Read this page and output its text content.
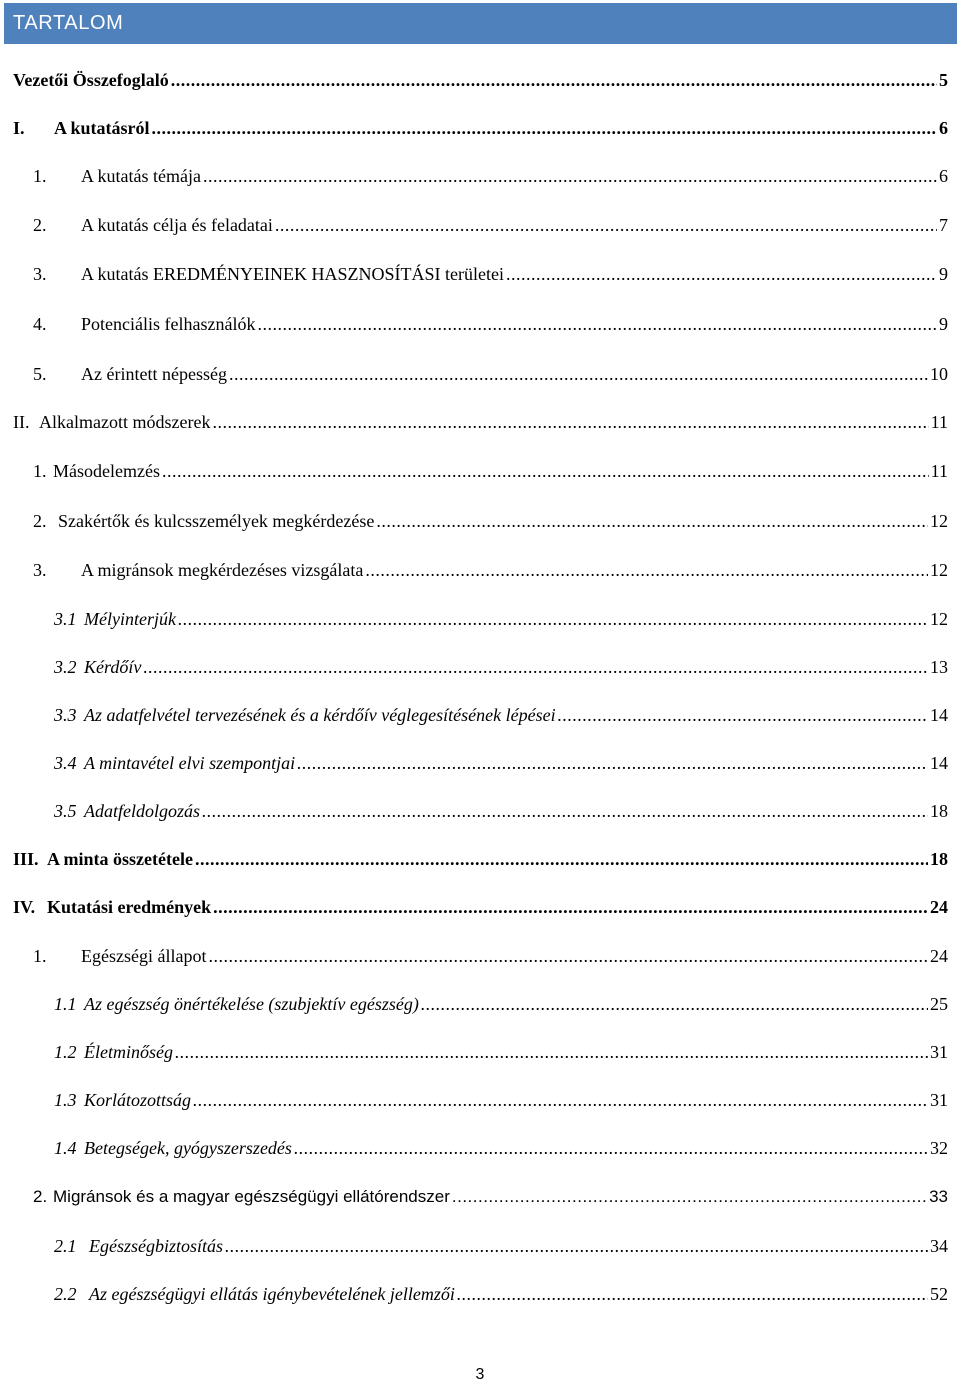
TARTALOM
Vezetői Összefoglaló .....	5
I.	A kutatásról .....	6
1.	A kutatás témája .....	6
2.	A kutatás célja és feladatai .....	7
3.	A kutatás EREDMÉNYEINEK HASZNOSÍTÁSI területei .....	9
4.	Potenciális felhasználók .....	9
5.	Az érintett népesség .....	10
II. Alkalmazott módszerek .....	11
1. Másodelemzés .....	11
2. Szakértők és kulcsszemélyek megkérdezése .....	12
3.	A migránsok megkérdezéses vizsgálata .....	12
3.1 Mélyinterjúk .....	12
3.2 Kérdőív .....	13
3.3 Az adatfelvétel tervezésének és a kérdőív véglegesítésének lépései .....	14
3.4 A mintavétel elvi szempontjai .....	14
3.5 Adatfeldolgozás .....	18
III. A minta összetétele .....	18
IV. Kutatási eredmények .....	24
1.	Egészségi állapot .....	24
1.1 Az egészség önértékelése (szubjektív egészség) .....	25
1.2 Életminőség .....	31
1.3 Korlátozottság .....	31
1.4 Betegségek, gyógyszerszedés .....	32
2. Migránsok és a magyar egészségügyi ellátórendszer .....	33
2.1 Egészségbiztosítás .....	34
2.2 Az egészségügyi ellátás igénybevételének jellemzői .....	52
3
